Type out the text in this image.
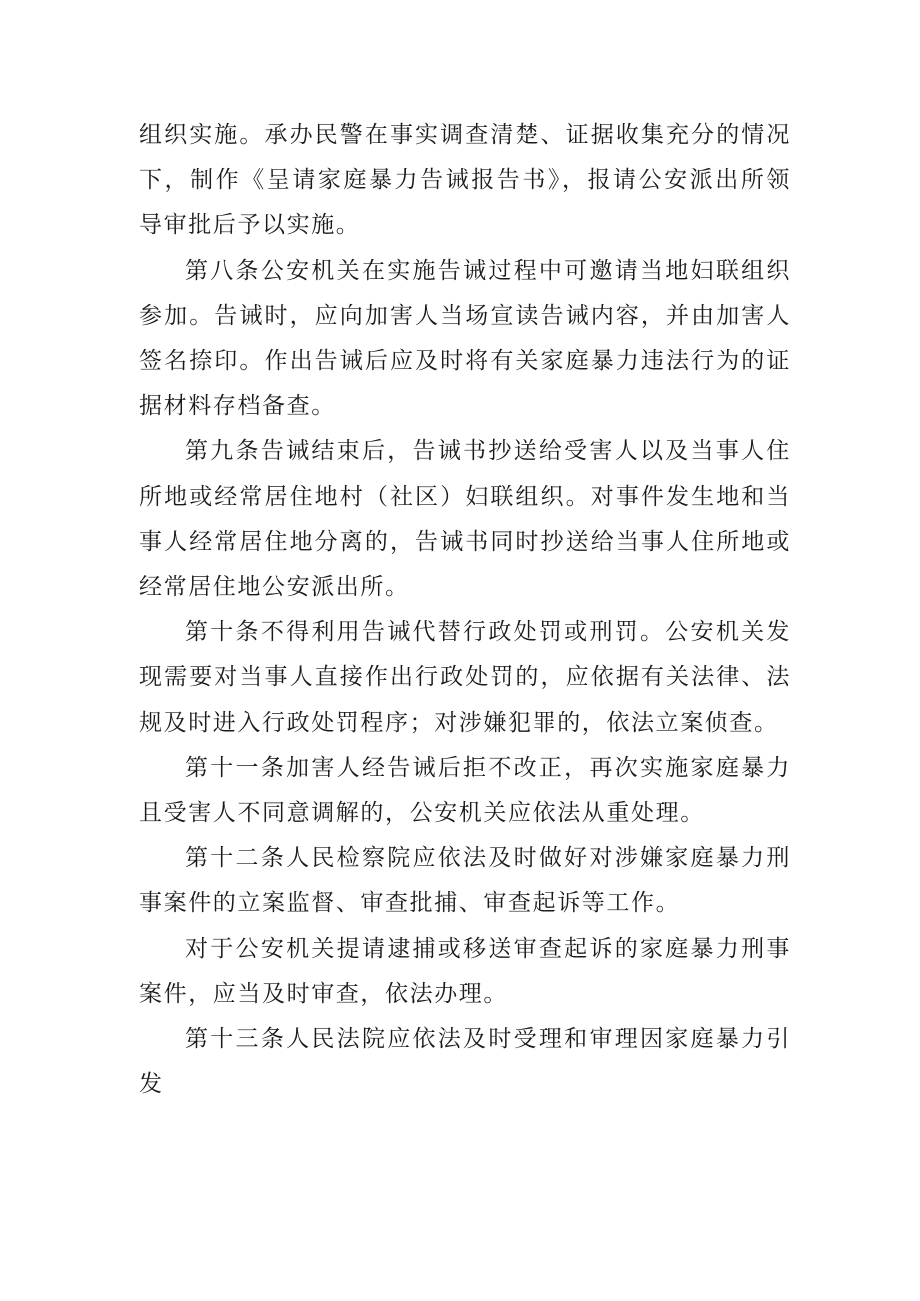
组织实施。承办民警在事实调查清楚、证据收集充分的情况下，制作《呈请家庭暴力告诫报告书》，报请公安派出所领导审批后予以实施。

第八条公安机关在实施告诫过程中可邀请当地妇联组织参加。告诫时，应向加害人当场宣读告诫内容，并由加害人签名捺印。作出告诫后应及时将有关家庭暴力违法行为的证据材料存档备查。

第九条告诫结束后，告诫书抄送给受害人以及当事人住所地或经常居住地村（社区）妇联组织。对事件发生地和当事人经常居住地分离的，告诫书同时抄送给当事人住所地或经常居住地公安派出所。

第十条不得利用告诫代替行政处罚或刑罚。公安机关发现需要对当事人直接作出行政处罚的，应依据有关法律、法规及时进入行政处罚程序；对涉嫌犯罪的，依法立案侦查。

第十一条加害人经告诫后拒不改正，再次实施家庭暴力且受害人不同意调解的，公安机关应依法从重处理。

第十二条人民检察院应依法及时做好对涉嫌家庭暴力刑事案件的立案监督、审查批捕、审查起诉等工作。

对于公安机关提请逮捕或移送审查起诉的家庭暴力刑事案件，应当及时审查，依法办理。

第十三条人民法院应依法及时受理和审理因家庭暴力引发
